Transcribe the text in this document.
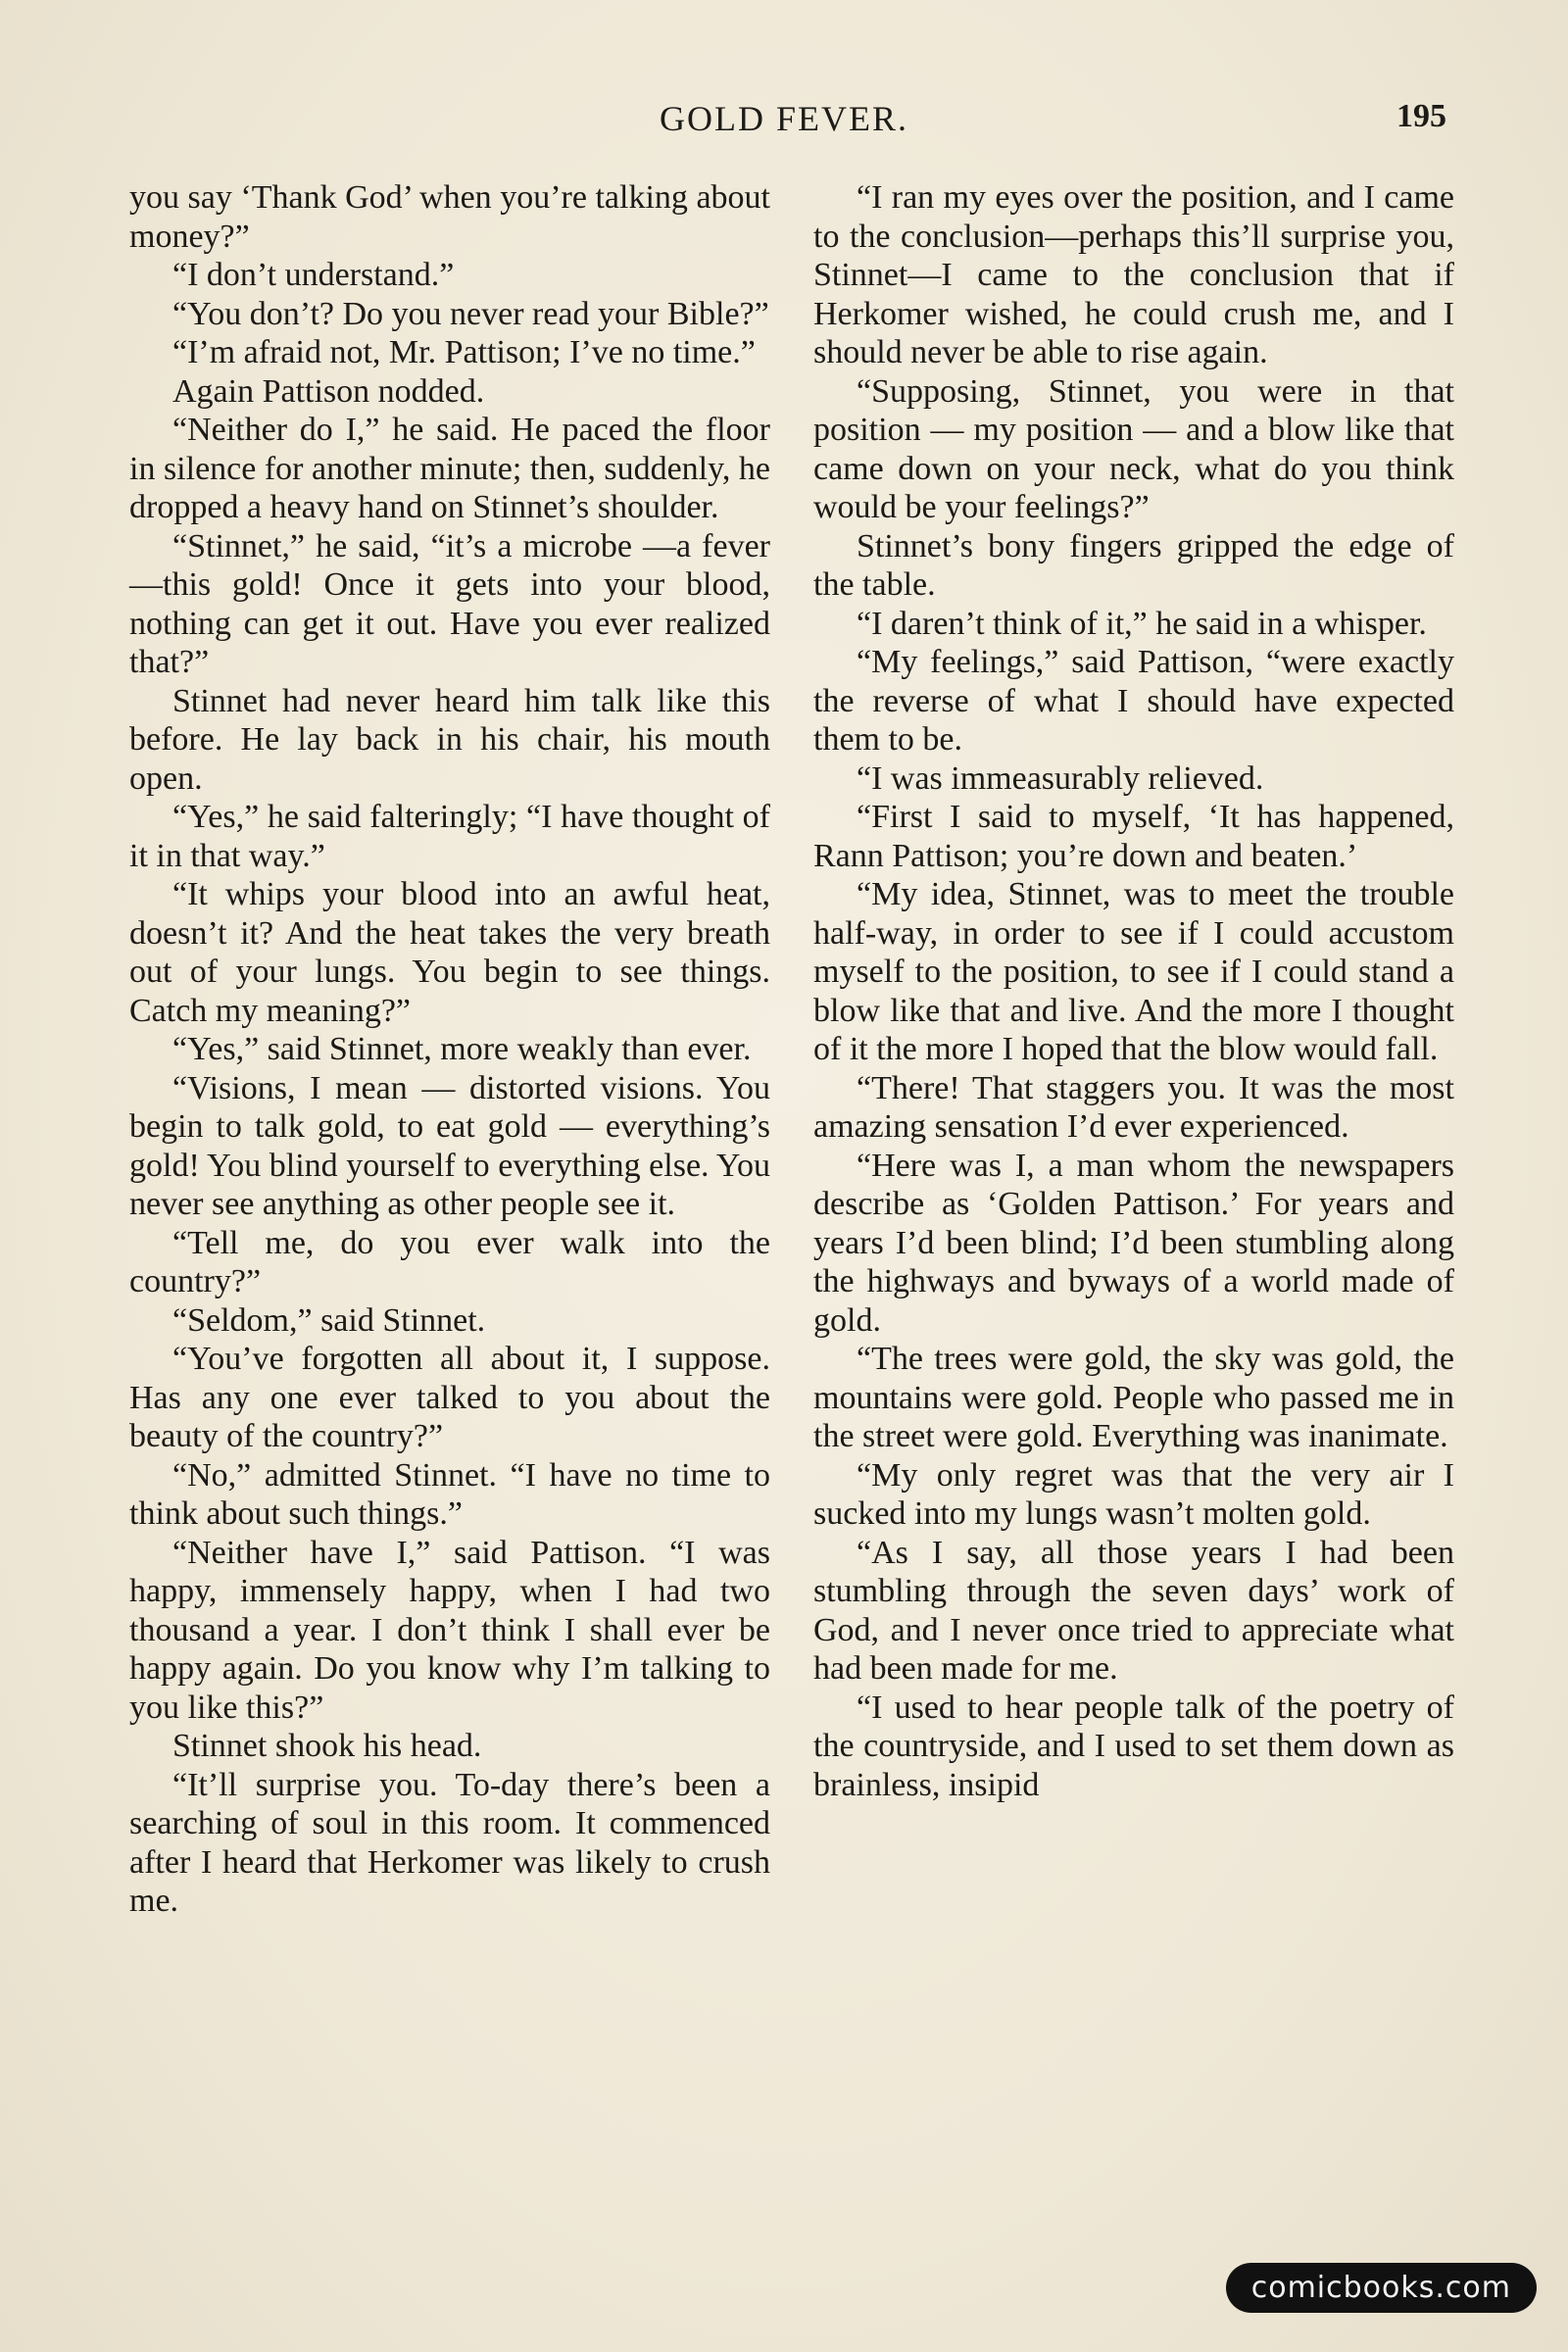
GOLD FEVER.	195

you say ‘Thank God’ when you’re talking about money?”

“I don’t understand.”

“You don’t? Do you never read your Bible?”

“I’m afraid not, Mr. Pattison; I’ve no time.”

Again Pattison nodded.

“Neither do I,” he said. He paced the floor in silence for another minute; then, suddenly, he dropped a heavy hand on Stinnet’s shoulder.

“Stinnet,” he said, “it’s a microbe —a fever—this gold! Once it gets into your blood, nothing can get it out. Have you ever realized that?”

Stinnet had never heard him talk like this before. He lay back in his chair, his mouth open.

“Yes,” he said falteringly; “I have thought of it in that way.”

“It whips your blood into an awful heat, doesn’t it? And the heat takes the very breath out of your lungs. You begin to see things. Catch my meaning?”

“Yes,” said Stinnet, more weakly than ever.

“Visions, I mean — distorted visions. You begin to talk gold, to eat gold — everything’s gold! You blind yourself to everything else. You never see anything as other people see it.

“Tell me, do you ever walk into the country?”

“Seldom,” said Stinnet.

“You’ve forgotten all about it, I suppose. Has any one ever talked to you about the beauty of the country?”

“No,” admitted Stinnet. “I have no time to think about such things.”

“Neither have I,” said Pattison. “I was happy, immensely happy, when I had two thousand a year. I don’t think I shall ever be happy again. Do you know why I’m talking to you like this?”

Stinnet shook his head.

“It’ll surprise you. To-day there’s been a searching of soul in this room. It commenced after I heard that Herkomer was likely to crush me.

“I ran my eyes over the position, and I came to the conclusion—perhaps this’ll surprise you, Stinnet—I came to the conclusion that if Herkomer wished, he could crush me, and I should never be able to rise again.

“Supposing, Stinnet, you were in that position — my position — and a blow like that came down on your neck, what do you think would be your feelings?”

Stinnet’s bony fingers gripped the edge of the table.

“I daren’t think of it,” he said in a whisper.

“My feelings,” said Pattison, “were exactly the reverse of what I should have expected them to be.

“I was immeasurably relieved.

“First I said to myself, ‘It has happened, Rann Pattison; you’re down and beaten.’

“My idea, Stinnet, was to meet the trouble half-way, in order to see if I could accustom myself to the position, to see if I could stand a blow like that and live. And the more I thought of it the more I hoped that the blow would fall.

“There! That staggers you. It was the most amazing sensation I’d ever experienced.

“Here was I, a man whom the newspapers describe as ‘Golden Pattison.’ For years and years I’d been blind; I’d been stumbling along the highways and byways of a world made of gold.

“The trees were gold, the sky was gold, the mountains were gold. People who passed me in the street were gold. Everything was inanimate.

“My only regret was that the very air I sucked into my lungs wasn’t molten gold.

“As I say, all those years I had been stumbling through the seven days’ work of God, and I never once tried to appreciate what had been made for me.

“I used to hear people talk of the poetry of the countryside, and I used to set them down as brainless, insipid

comicbooks.com
